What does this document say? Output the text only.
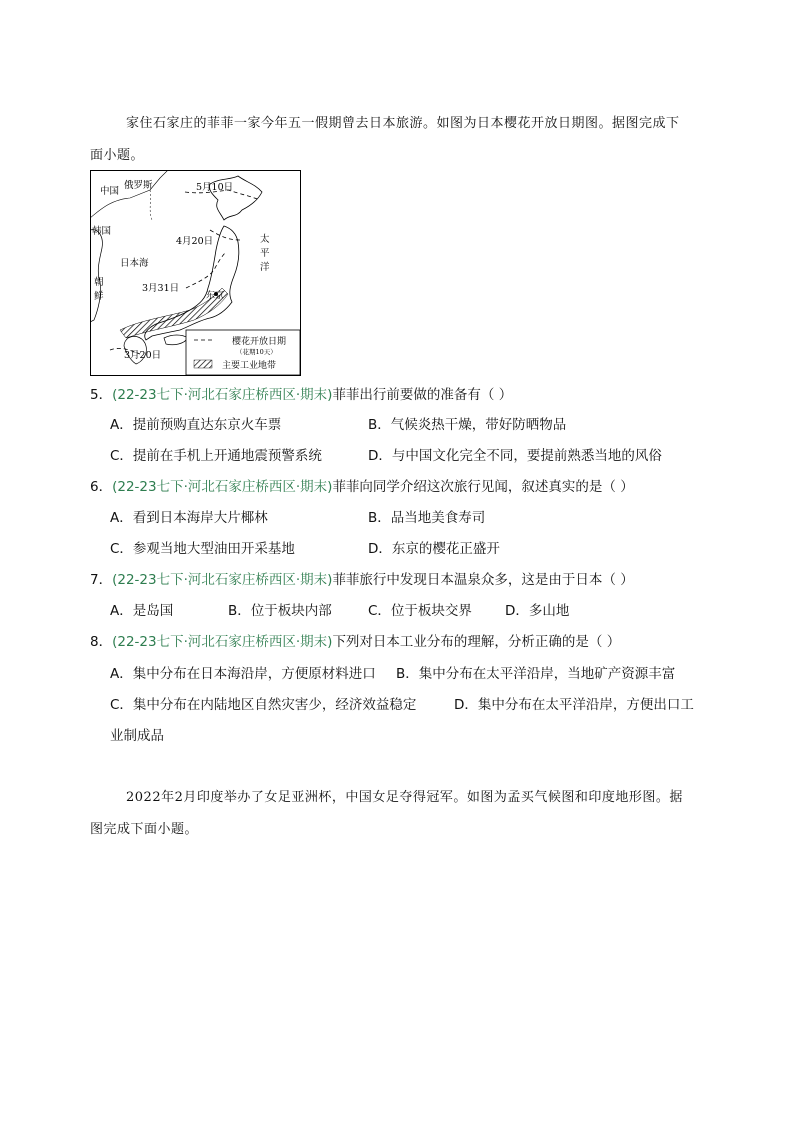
家住石家庄的菲菲一家今年五一假期曾去日本旅游。如图为日本樱花开放日期图。据图完成下
面小题。
中国
俄罗斯
韩国
日本海
朝
鲜
太
平
洋
东京
5月10日
4月20日
3月31日
3月20日
樱花开放日期
（花期10天）
主要工业地带
5．(22-23七下·河北石家庄桥西区·期末)菲菲出行前要做的准备有（ ）
A．提前预购直达东京火车票	B．气候炎热干燥，带好防晒物品
C．提前在手机上开通地震预警系统	D．与中国文化完全不同，要提前熟悉当地的风俗
6．(22-23七下·河北石家庄桥西区·期末)菲菲向同学介绍这次旅行见闻，叙述真实的是（ ）
A．看到日本海岸大片椰林	B．品当地美食寿司
C．参观当地大型油田开采基地	D．东京的樱花正盛开
7．(22-23七下·河北石家庄桥西区·期末)菲菲旅行中发现日本温泉众多，这是由于日本（ ）
A．是岛国	B．位于板块内部	C．位于板块交界 D．多山地
8．(22-23七下·河北石家庄桥西区·期末)下列对日本工业分布的理解，分析正确的是（ ）
A．集中分布在日本海沿岸，方便原材料进口 B．集中分布在太平洋沿岸，当地矿产资源丰富
C．集中分布在内陆地区自然灾害少，经济效益稳定	D．集中分布在太平洋沿岸，方便出口工
业制成品
2022年2月印度举办了女足亚洲杯，中国女足夺得冠军。如图为孟买气候图和印度地形图。据
图完成下面小题。
